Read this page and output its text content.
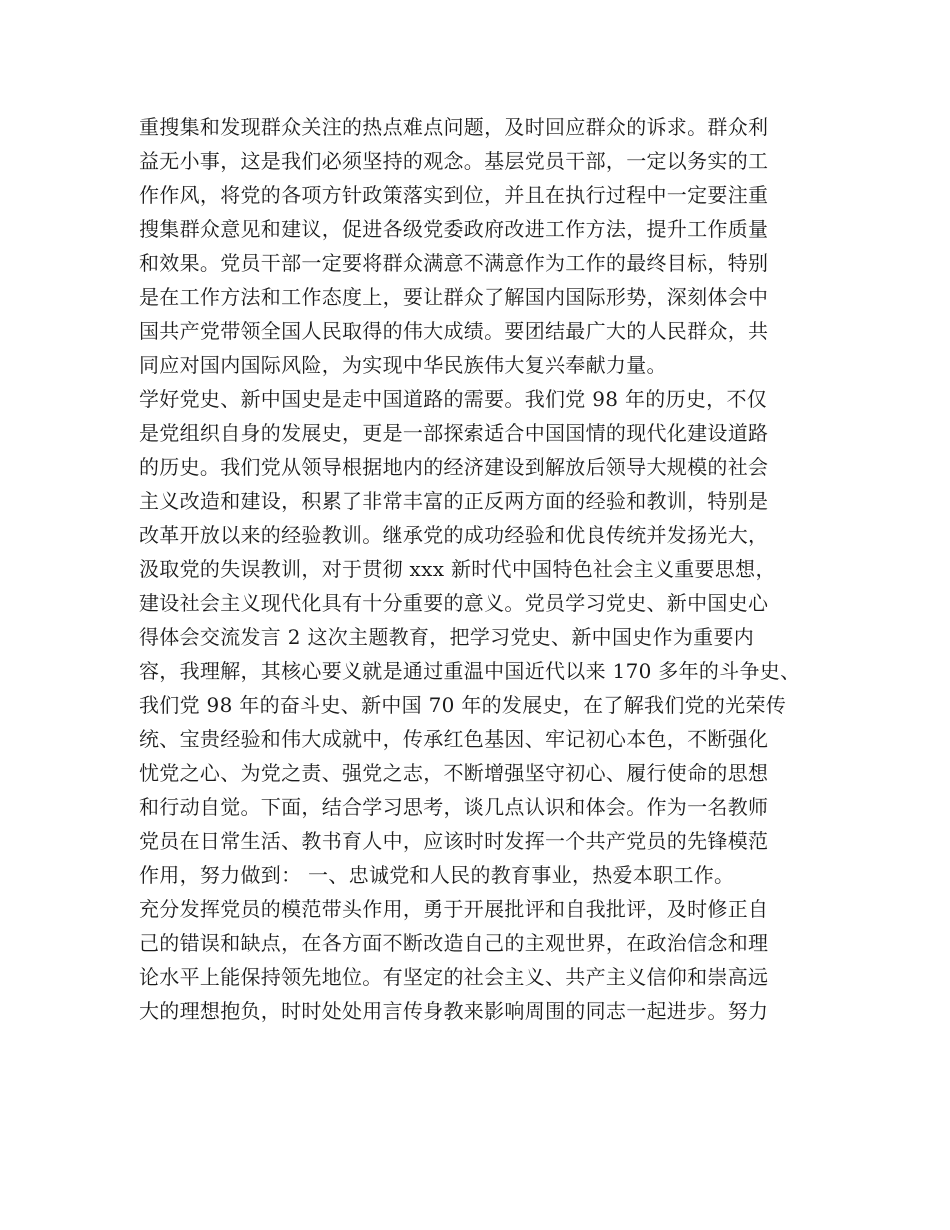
重搜集和发现群众关注的热点难点问题，及时回应群众的诉求。群众利
益无小事，这是我们必须坚持的观念。基层党员干部，一定以务实的工
作作风，将党的各项方针政策落实到位，并且在执行过程中一定要注重
搜集群众意见和建议，促进各级党委政府改进工作方法，提升工作质量
和效果。党员干部一定要将群众满意不满意作为工作的最终目标，特别
是在工作方法和工作态度上，要让群众了解国内国际形势，深刻体会中
国共产党带领全国人民取得的伟大成绩。要团结最广大的人民群众，共
同应对国内国际风险，为实现中华民族伟大复兴奉献力量。
学好党史、新中国史是走中国道路的需要。我们党 98 年的历史，不仅
是党组织自身的发展史，更是一部探索适合中国国情的现代化建设道路
的历史。我们党从领导根据地内的经济建设到解放后领导大规模的社会
主义改造和建设，积累了非常丰富的正反两方面的经验和教训，特别是
改革开放以来的经验教训。继承党的成功经验和优良传统并发扬光大，
汲取党的失误教训，对于贯彻 xxx 新时代中国特色社会主义重要思想，
建设社会主义现代化具有十分重要的意义。党员学习党史、新中国史心
得体会交流发言 2 这次主题教育，把学习党史、新中国史作为重要内
容，我理解，其核心要义就是通过重温中国近代以来 170 多年的斗争史、
我们党 98 年的奋斗史、新中国 70 年的发展史，在了解我们党的光荣传
统、宝贵经验和伟大成就中，传承红色基因、牢记初心本色，不断强化
忧党之心、为党之责、强党之志，不断增强坚守初心、履行使命的思想
和行动自觉。下面，结合学习思考，谈几点认识和体会。作为一名教师
党员在日常生活、教书育人中，应该时时发挥一个共产党员的先锋模范
作用，努力做到： 一、忠诚党和人民的教育事业，热爱本职工作。
充分发挥党员的模范带头作用，勇于开展批评和自我批评，及时修正自
己的错误和缺点，在各方面不断改造自己的主观世界，在政治信念和理
论水平上能保持领先地位。有坚定的社会主义、共产主义信仰和崇高远
大的理想抱负，时时处处用言传身教来影响周围的同志一起进步。努力
